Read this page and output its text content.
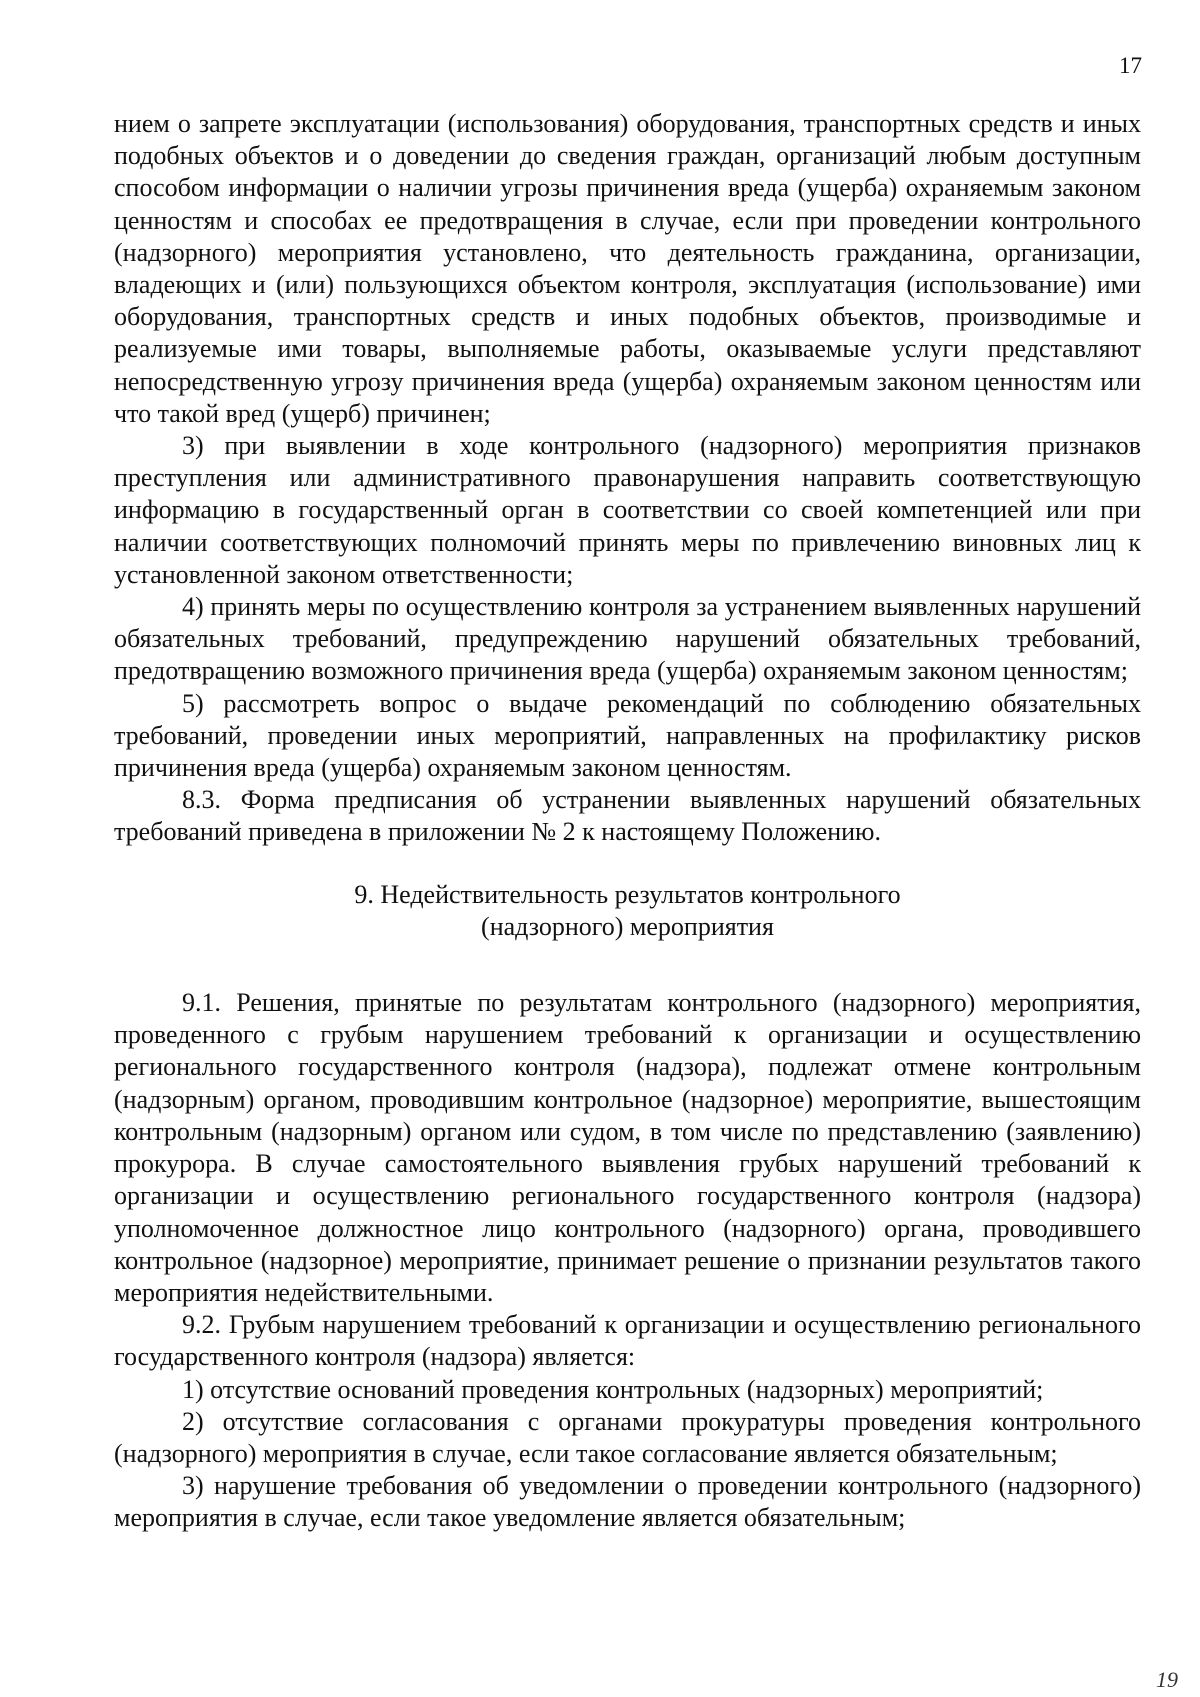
17

нием о запрете эксплуатации (использования) оборудования, транспортных средств и иных подобных объектов и о доведении до сведения граждан, организаций любым доступным способом информации о наличии угрозы причинения вреда (ущерба) охраняемым законом ценностям и способах ее предотвращения в случае, если при проведении контрольного (надзорного) мероприятия установлено, что деятельность гражданина, организации, владеющих и (или) пользующихся объектом контроля, эксплуатация (использование) ими оборудования, транспортных средств и иных подобных объектов, производимые и реализуемые ими товары, выполняемые работы, оказываемые услуги представляют непосредственную угрозу причинения вреда (ущерба) охраняемым законом ценностям или что такой вред (ущерб) причинен;

3) при выявлении в ходе контрольного (надзорного) мероприятия признаков преступления или административного правонарушения направить соответствующую информацию в государственный орган в соответствии со своей компетенцией или при наличии соответствующих полномочий принять меры по привлечению виновных лиц к установленной законом ответственности;

4) принять меры по осуществлению контроля за устранением выявленных нарушений обязательных требований, предупреждению нарушений обязательных требований, предотвращению возможного причинения вреда (ущерба) охраняемым законом ценностям;

5) рассмотреть вопрос о выдаче рекомендаций по соблюдению обязательных требований, проведении иных мероприятий, направленных на профилактику рисков причинения вреда (ущерба) охраняемым законом ценностям.

8.3. Форма предписания об устранении выявленных нарушений обязательных требований приведена в приложении № 2 к настоящему Положению.

9. Недействительность результатов контрольного
(надзорного) мероприятия

9.1. Решения, принятые по результатам контрольного (надзорного) мероприятия, проведенного с грубым нарушением требований к организации и осуществлению регионального государственного контроля (надзора), подлежат отмене контрольным (надзорным) органом, проводившим контрольное (надзорное) мероприятие, вышестоящим контрольным (надзорным) органом или судом, в том числе по представлению (заявлению) прокурора. В случае самостоятельного выявления грубых нарушений требований к организации и осуществлению регионального государственного контроля (надзора) уполномоченное должностное лицо контрольного (надзорного) органа, проводившего контрольное (надзорное) мероприятие, принимает решение о признании результатов такого мероприятия недействительными.

9.2. Грубым нарушением требований к организации и осуществлению регионального государственного контроля (надзора) является:

1) отсутствие оснований проведения контрольных (надзорных) мероприятий;

2) отсутствие согласования с органами прокуратуры проведения контрольного (надзорного) мероприятия в случае, если такое согласование является обязательным;

3) нарушение требования об уведомлении о проведении контрольного (надзорного) мероприятия в случае, если такое уведомление является обязательным;

19
